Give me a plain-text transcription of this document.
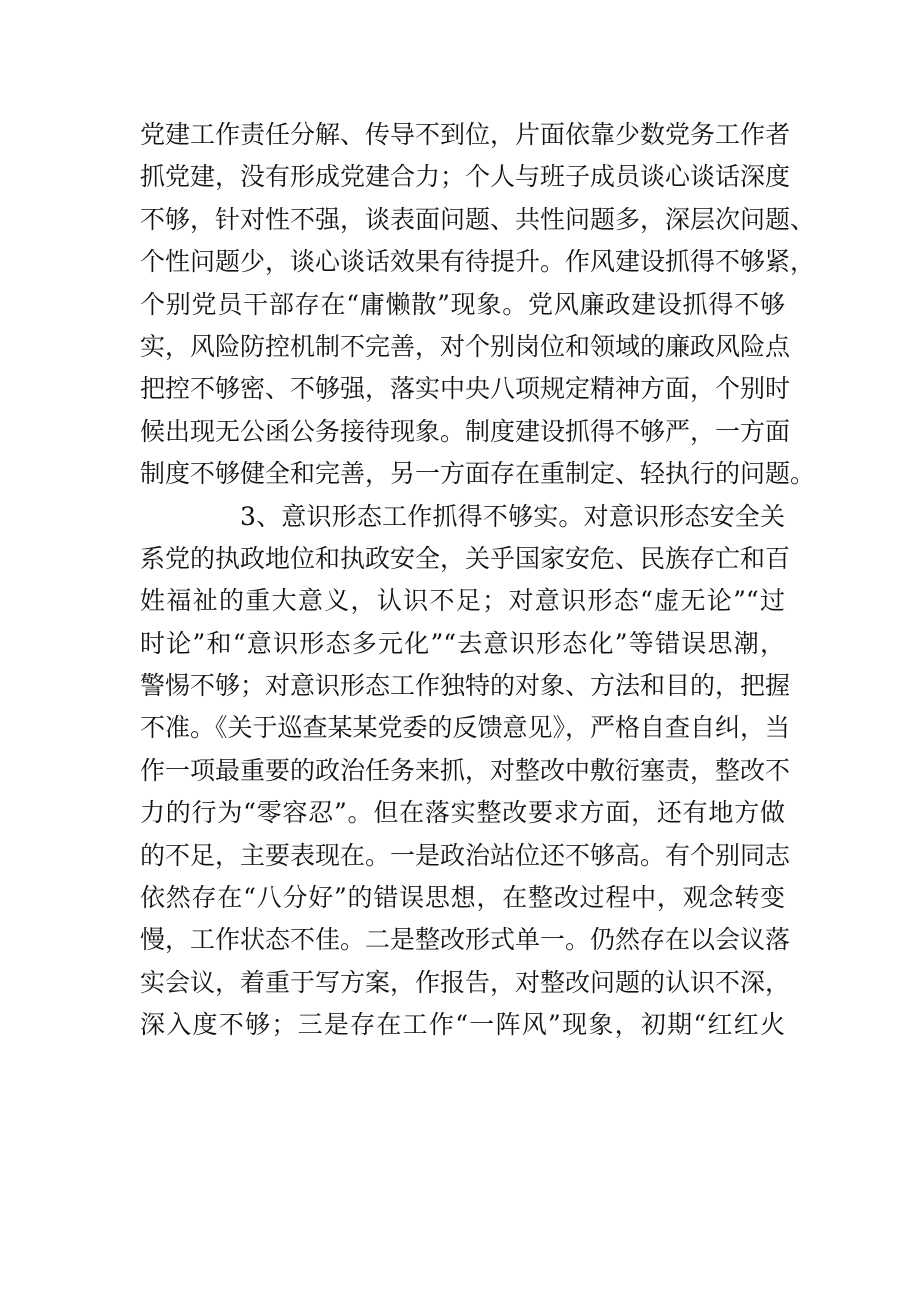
党建工作责任分解、传导不到位，片面依靠少数党务工作者
抓党建，没有形成党建合力；个人与班子成员谈心谈话深度
不够，针对性不强，谈表面问题、共性问题多，深层次问题、
个性问题少，谈心谈话效果有待提升。作风建设抓得不够紧，
个别党员干部存在“庸懒散”现象。党风廉政建设抓得不够
实，风险防控机制不完善，对个别岗位和领域的廉政风险点
把控不够密、不够强，落实中央八项规定精神方面，个别时
候出现无公函公务接待现象。制度建设抓得不够严，一方面
制度不够健全和完善，另一方面存在重制定、轻执行的问题。
3、意识形态工作抓得不够实。对意识形态安全关
系党的执政地位和执政安全，关乎国家安危、民族存亡和百
姓福祉的重大意义，认识不足；对意识形态“虚无论”“过
时论”和“意识形态多元化”“去意识形态化”等错误思潮，
警惕不够；对意识形态工作独特的对象、方法和目的，把握
不准。《关于巡查某某党委的反馈意见》，严格自查自纠，当
作一项最重要的政治任务来抓，对整改中敷衍塞责，整改不
力的行为“零容忍”。但在落实整改要求方面，还有地方做
的不足，主要表现在。一是政治站位还不够高。有个别同志
依然存在“八分好”的错误思想，在整改过程中，观念转变
慢，工作状态不佳。二是整改形式单一。仍然存在以会议落
实会议，着重于写方案，作报告，对整改问题的认识不深，
深入度不够；三是存在工作“一阵风”现象，初期“红红火
